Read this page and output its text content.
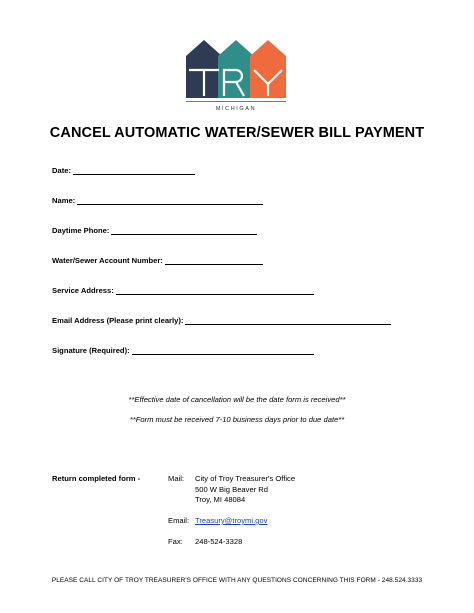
MICHIGAN
CANCEL AUTOMATIC WATER/SEWER BILL PAYMENT
Date:
Name:
Daytime Phone:
Water/Sewer Account Number:
Service Address:
Email Address (Please print clearly):
Signature (Required):
**Effective date of cancellation will be the date form is received**
**Form must be received 7-10 business days prior to due date**
Return completed form -	Mail: City of Troy Treasurer's Office
500 W Big Beaver Rd
Troy, MI 48084
Email: Treasury@troymi.gov
Fax: 248-524-3328
PLEASE CALL CITY OF TROY TREASURER'S OFFICE WITH ANY QUESTIONS CONCERNING THIS FORM - 248.524.3333
